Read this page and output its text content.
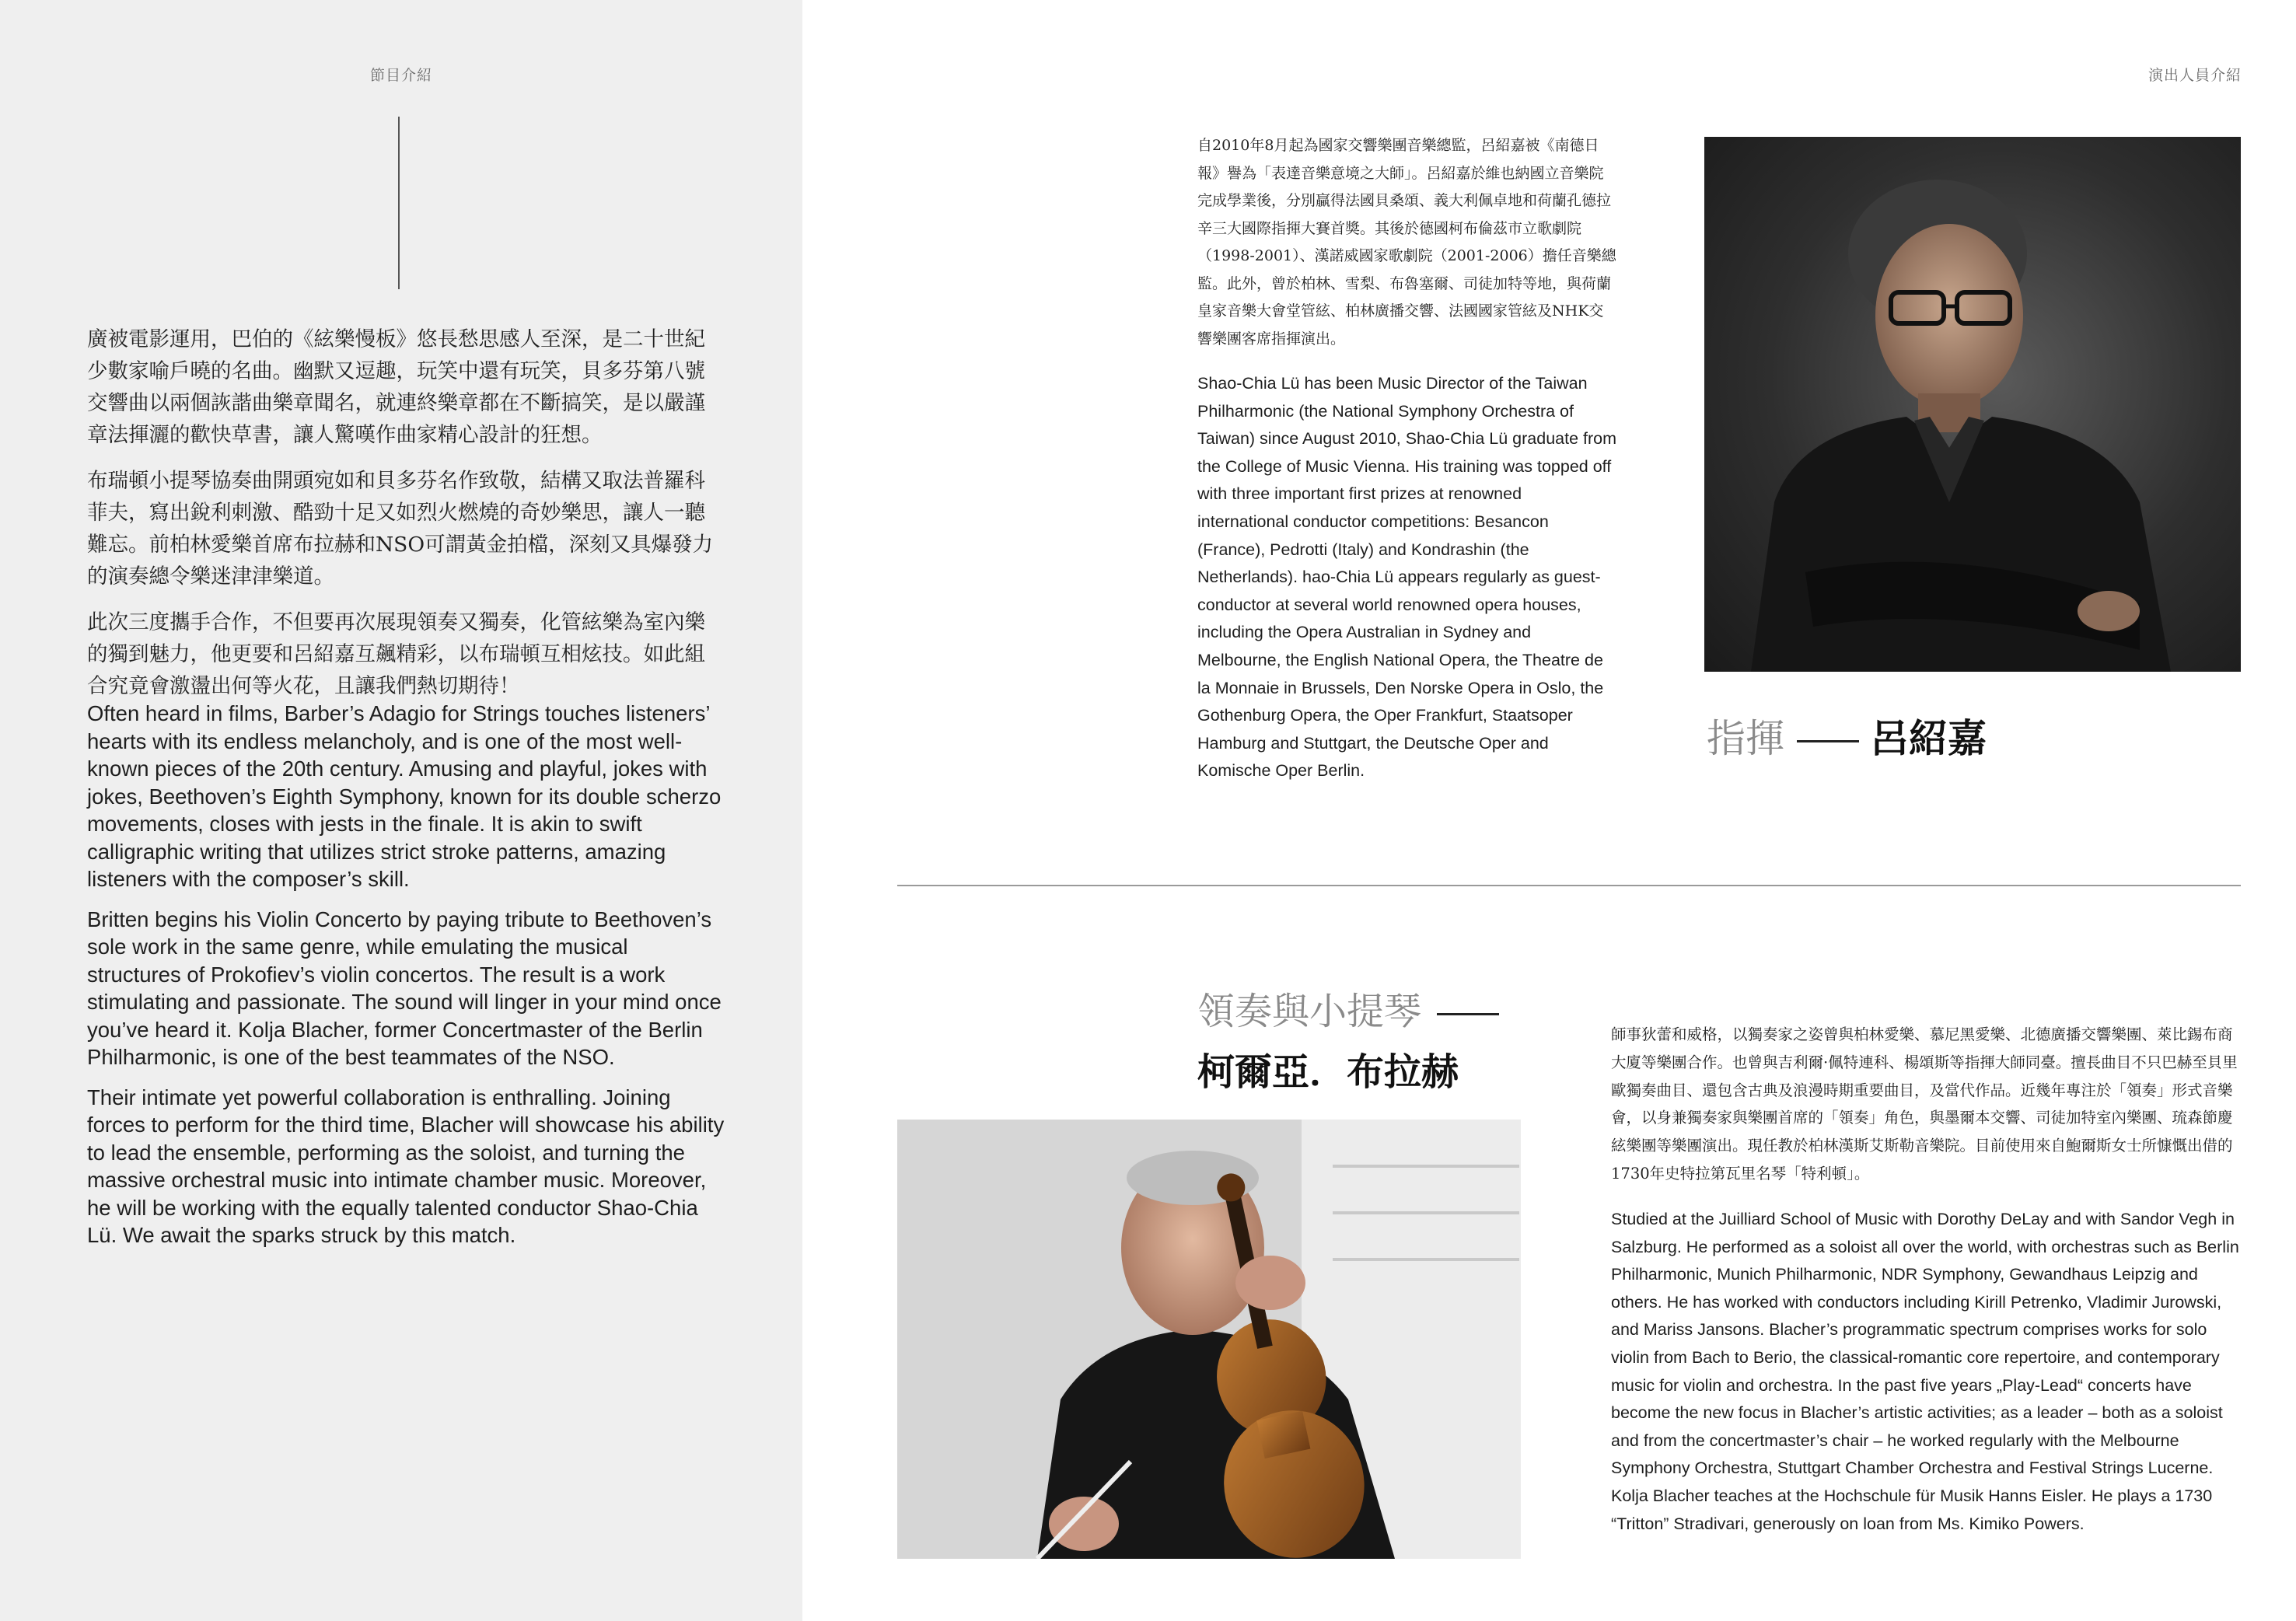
節目介紹

廣被電影運用，巴伯的《絃樂慢板》悠長愁思感人至深，是二十世紀少數家喻戶曉的名曲。幽默又逗趣，玩笑中還有玩笑，貝多芬第八號交響曲以兩個詼諧曲樂章聞名，就連終樂章都在不斷搞笑，是以嚴謹章法揮灑的歡快草書，讓人驚嘆作曲家精心設計的狂想。

布瑞頓小提琴協奏曲開頭宛如和貝多芬名作致敬，結構又取法普羅科菲夫，寫出銳利刺激、酷勁十足又如烈火燃燒的奇妙樂思，讓人一聽難忘。前柏林愛樂首席布拉赫和NSO可謂黃金拍檔，深刻又具爆發力的演奏總令樂迷津津樂道。

此次三度攜手合作，不但要再次展現領奏又獨奏，化管絃樂為室內樂的獨到魅力，他更要和呂紹嘉互飆精彩，以布瑞頓互相炫技。如此組合究竟會激盪出何等火花，且讓我們熱切期待！

Often heard in films, Barber’s Adagio for Strings touches listeners’ hearts with its endless melancholy, and is one of the most well-known pieces of the 20th century. Amusing and playful, jokes with jokes, Beethoven’s Eighth Symphony, known for its double scherzo movements, closes with jests in the finale. It is akin to swift calligraphic writing that utilizes strict stroke patterns, amazing listeners with the composer’s skill.

Britten begins his Violin Concerto by paying tribute to Beethoven’s sole work in the same genre, while emulating the musical structures of Prokofiev’s violin concertos. The result is a work stimulating and passionate. The sound will linger in your mind once you’ve heard it. Kolja Blacher, former Concertmaster of the Berlin Philharmonic, is one of the best teammates of the NSO.

Their intimate yet powerful collaboration is enthralling. Joining forces to perform for the third time, Blacher will showcase his ability to lead the ensemble, performing as the soloist, and turning the massive orchestral music into intimate chamber music. Moreover, he will be working with the equally talented conductor Shao-Chia Lü. We await the sparks struck by this match.

演出人員介紹
自2010年8月起為國家交響樂團音樂總監，呂紹嘉被《南德日報》譽為「表達音樂意境之大師」。呂紹嘉於維也納國立音樂院完成學業後，分別贏得法國貝桑頌、義大利佩卓地和荷蘭孔德拉辛三大國際指揮大賽首獎。其後於德國柯布倫茲市立歌劇院（1998-2001）、漢諾威國家歌劇院（2001-2006）擔任音樂總監。此外，曾於柏林、雪梨、布魯塞爾、司徒加特等地，與荷蘭皇家音樂大會堂管絃、柏林廣播交響、法國國家管絃及NHK交響樂團客席指揮演出。
Shao-Chia Lü has been Music Director of the Taiwan Philharmonic (the National Symphony Orchestra of Taiwan) since August 2010, Shao-Chia Lü graduate from the College of Music Vienna. His training was topped off with three important first prizes at renowned international conductor competitions: Besancon (France), Pedrotti (Italy) and Kondrashin (the Netherlands). hao-Chia Lü appears regularly as guest-conductor at several world renowned opera houses, including the Opera Australian in Sydney and Melbourne, the English National Opera, the Theatre de la Monnaie in Brussels, Den Norske Opera in Oslo, the Gothenburg Opera, the Oper Frankfurt, Staatsoper Hamburg and Stuttgart, the Deutsche Oper and Komische Oper Berlin.
指揮 呂紹嘉
領奏與小提琴
柯爾亞．布拉赫
師事狄蕾和威格，以獨奏家之姿曾與柏林愛樂、慕尼黑愛樂、北德廣播交響樂團、萊比錫布商大廈等樂團合作。也曾與吉利爾·佩特連科、楊頌斯等指揮大師同臺。擅長曲目不只巴赫至貝里歐獨奏曲目、還包含古典及浪漫時期重要曲目，及當代作品。近幾年專注於「領奏」形式音樂會，以身兼獨奏家與樂團首席的「領奏」角色，與墨爾本交響、司徒加特室內樂團、琉森節慶絃樂團等樂團演出。現任教於柏林漢斯艾斯勒音樂院。目前使用來自鮑爾斯女士所慷慨出借的1730年史特拉第瓦里名琴「特利頓」。
Studied at the Juilliard School of Music with Dorothy DeLay and with Sandor Vegh in Salzburg. He performed as a soloist all over the world, with orchestras such as Berlin Philharmonic, Munich Philharmonic, NDR Symphony, Gewandhaus Leipzig and others. He has worked with conductors including Kirill Petrenko, Vladimir Jurowski, and Mariss Jansons. Blacher’s programmatic spectrum comprises works for solo violin from Bach to Berio, the classical-romantic core repertoire, and contemporary music for violin and orchestra. In the past five years „Play-Lead“ concerts have become the new focus in Blacher’s artistic activities; as a leader – both as a soloist and from the concertmaster’s chair – he worked regularly with the Melbourne Symphony Orchestra, Stuttgart Chamber Orchestra and Festival Strings Lucerne. Kolja Blacher teaches at the Hochschule für Musik Hanns Eisler. He plays a 1730 “Tritton” Stradivari, generously on loan from Ms. Kimiko Powers.
